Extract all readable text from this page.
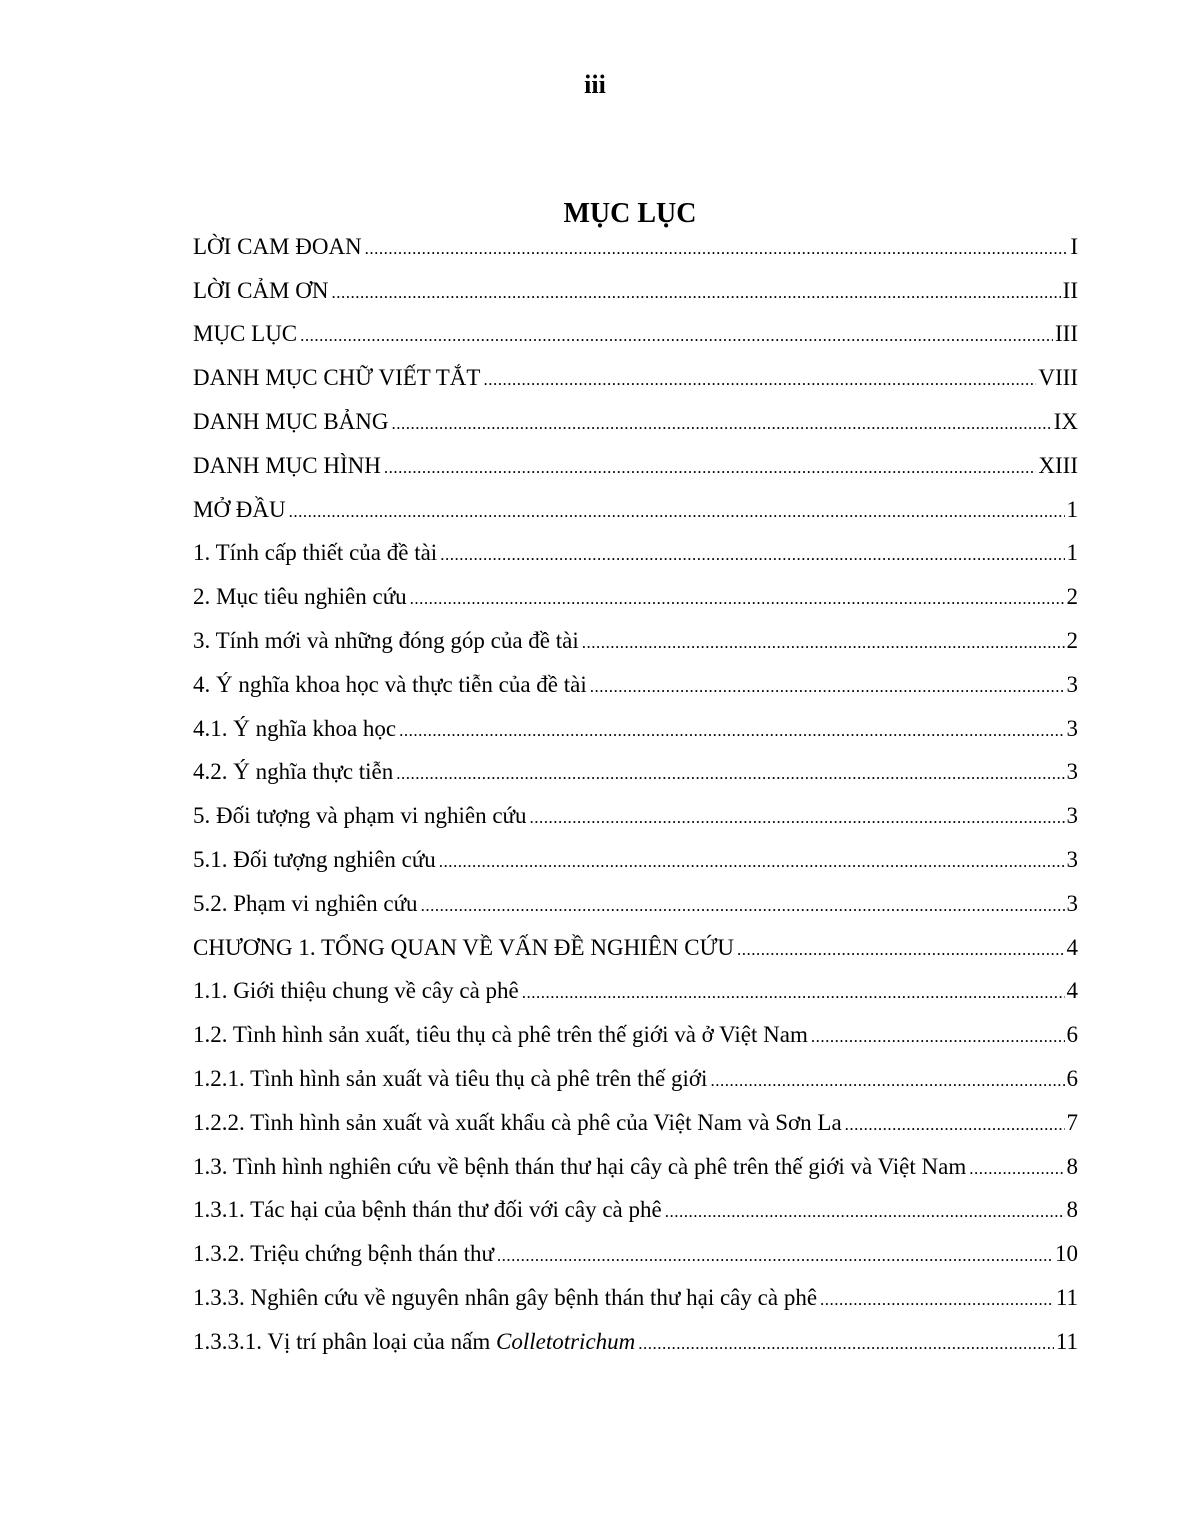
iii
MỤC LỤC
LỜI CAM ĐOAN .....	I
LỜI CẢM ƠN .....	II
MỤC LỤC .....	III
DANH MỤC CHỮ VIẾT TẮT .....	VIII
DANH MỤC BẢNG .....	IX
DANH MỤC HÌNH .....	XIII
MỞ ĐẦU .....	1
1. Tính cấp thiết của đề tài .....	1
2. Mục tiêu nghiên cứu .....	2
3. Tính mới và những đóng góp của đề tài .....	2
4. Ý nghĩa khoa học và thực tiễn của đề tài .....	3
4.1. Ý nghĩa khoa học .....	3
4.2. Ý nghĩa thực tiễn .....	3
5. Đối tượng và phạm vi nghiên cứu .....	3
5.1. Đối tượng nghiên cứu .....	3
5.2. Phạm vi nghiên cứu .....	3
CHƯƠNG 1. TỔNG QUAN VỀ VẤN ĐỀ NGHIÊN CỨU .....	4
1.1. Giới thiệu chung về cây cà phê .....	4
1.2. Tình hình sản xuất, tiêu thụ cà phê trên thế giới và ở Việt Nam .....	6
1.2.1. Tình hình sản xuất và tiêu thụ cà phê trên thế giới .....	6
1.2.2. Tình hình sản xuất và xuất khẩu cà phê của Việt Nam và Sơn La .....	7
1.3. Tình hình nghiên cứu về bệnh thán thư hại cây cà phê trên thế giới và Việt Nam .....	8
1.3.1. Tác hại của bệnh thán thư đối với cây cà phê .....	8
1.3.2. Triệu chứng bệnh thán thư .....	10
1.3.3. Nghiên cứu về nguyên nhân gây bệnh thán thư hại cây cà phê .....	11
1.3.3.1. Vị trí phân loại của nấm Colletotrichum .....	11
